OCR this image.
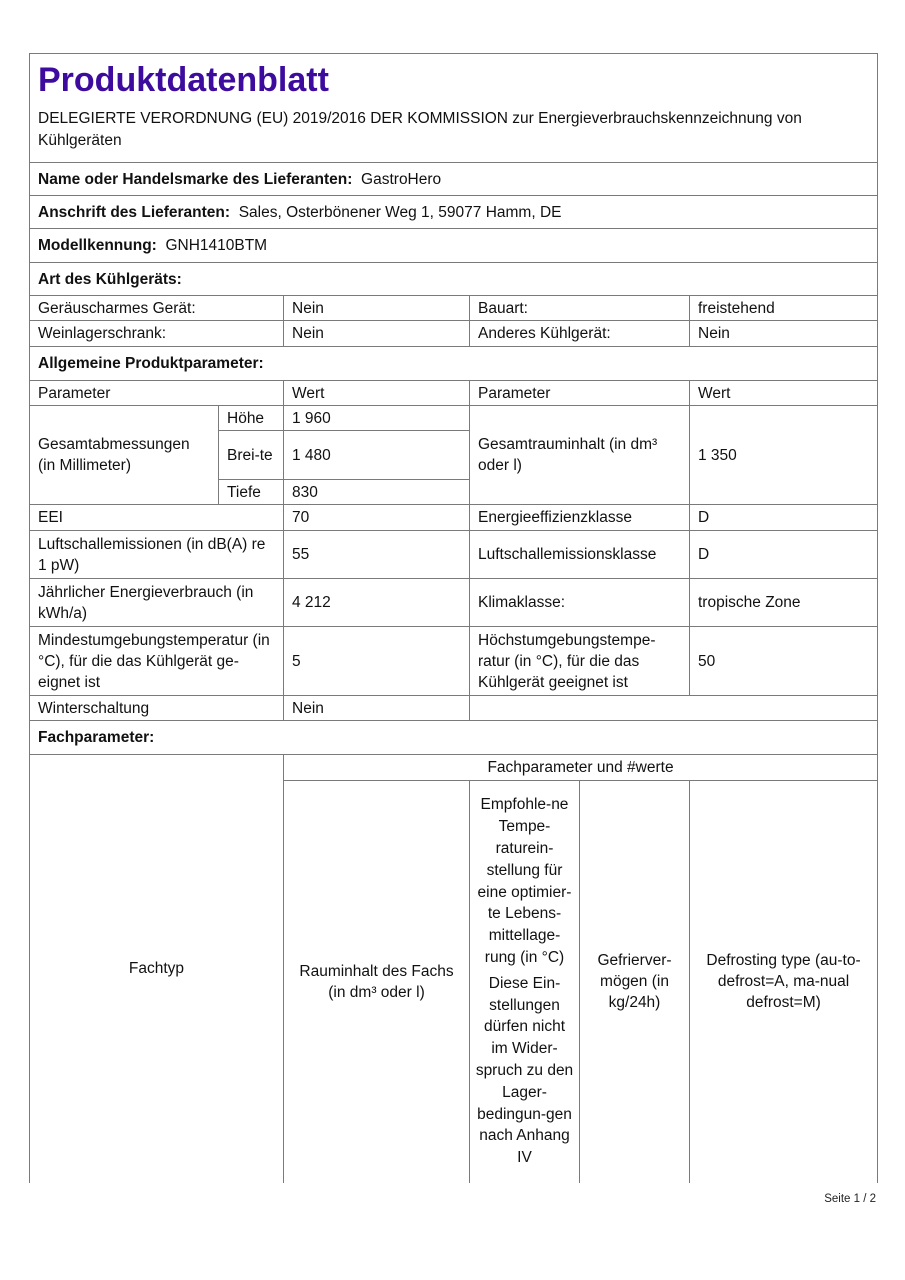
Produktdatenblatt
DELEGIERTE VERORDNUNG (EU) 2019/2016 DER KOMMISSION zur Energieverbrauchskennzeichnung von Kühlgeräten					

Name oder Handelsmarke des Lieferanten: GastroHero					
Anschrift des Lieferanten: Sales, Osterbönener Weg 1, 59077 Hamm, DE					
Modellkennung: GNH1410BTM					
Art des Kühlgeräts:					
Geräuscharmes Gerät:		Nein	Bauart:		freistehend
Weinlagerschrank:		Nein	Anderes Kühlgerät:		Nein
Allgemeine Produktparameter:					
Parameter		Wert	Parameter		Wert
Gesamtabmessungen (in Millimeter)	Höhe	1 960	Gesamtrauminhalt (in dm³ oder l)		1 350
	Brei-te	1 480			
	Tiefe	830			
EEI		70	Energieeffizienzklasse		D
Luftschallemissionen (in dB(A) re 1 pW)		55	Luftschallemissionsklasse		D
Jährlicher Energieverbrauch (in kWh/a)		4 212	Klimaklasse:		tropische Zone
Mindestumgebungstemperatur (in °C), für die das Kühlgerät ge-eignet ist		5	Höchstumgebungstempe-ratur (in °C), für die das Kühlgerät geeignet ist		50
Winterschaltung		Nein			
Fachparameter:					
Fachtyp		Fachparameter und #werte			
		Rauminhalt des Fachs (in dm³ oder l)	Empfohle-ne Tempe-raturein-stellung für eine optimier-te Lebens-mittellage-rung (in °C)

Diese Ein-stellungen dürfen nicht im Wider-spruch zu den Lager-bedingun-gen nach Anhang IV	Gefrierver-mögen (in kg/24h)	Defrosting type (au-to-defrost=A, ma-nual defrost=M)
Seite 1 / 2
